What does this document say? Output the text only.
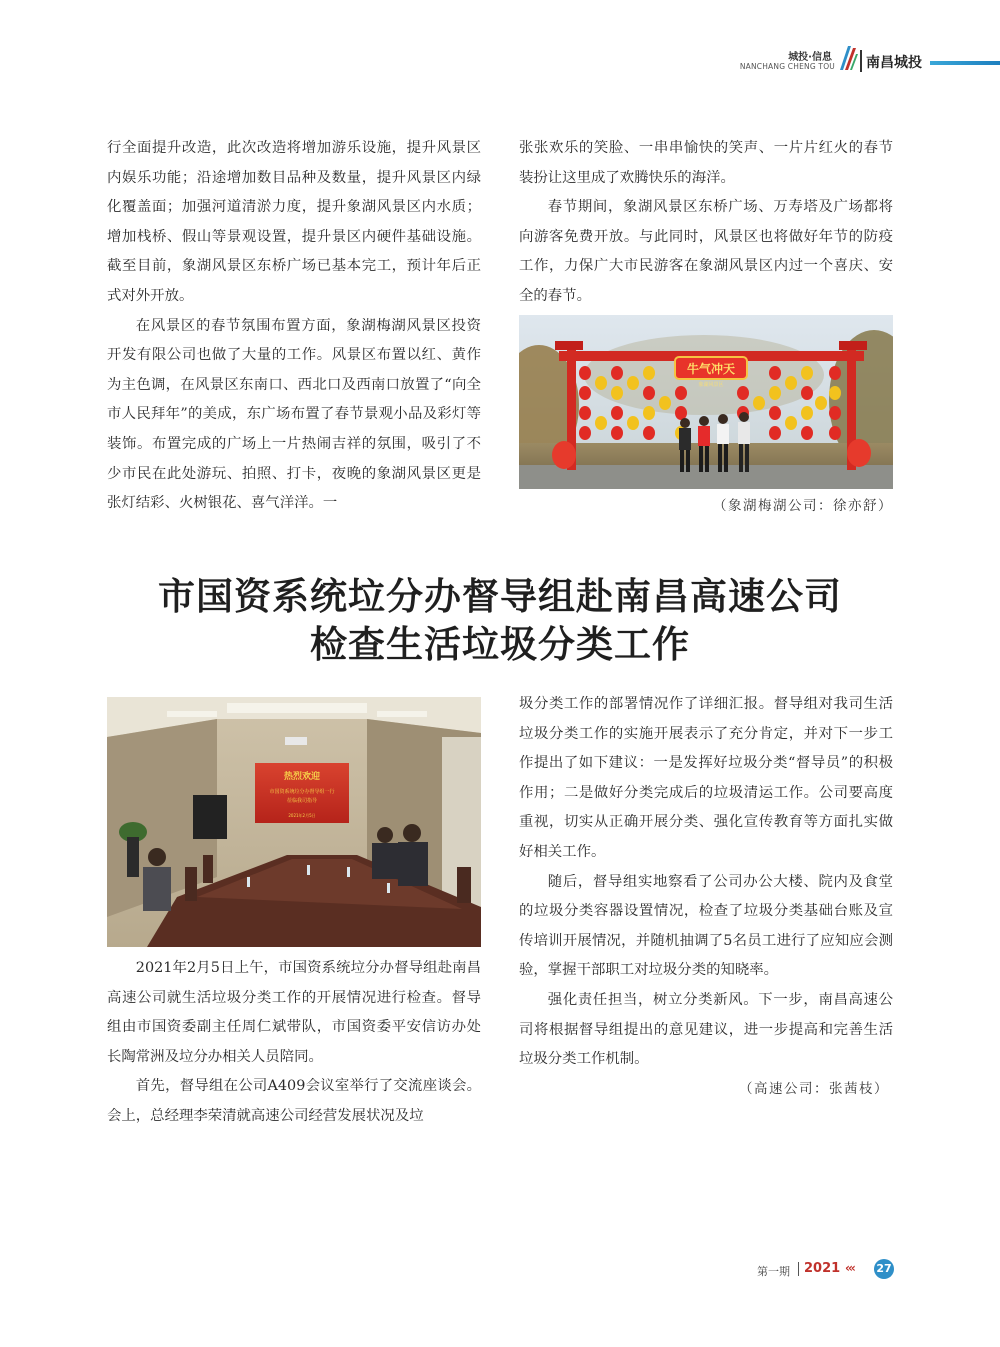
城投·信息
NANCHANG CHENG TOU 南昌城投

行全面提升改造，此次改造将增加游乐设施，提升风景区内娱乐功能；沿途增加数目品种及数量，提升风景区内绿化覆盖面；加强河道清淤力度，提升象湖风景区内水质；增加栈桥、假山等景观设置，提升景区内硬件基础设施。截至目前，象湖风景区东桥广场已基本完工，预计年后正式对外开放。

在风景区的春节氛围布置方面，象湖梅湖风景区投资开发有限公司也做了大量的工作。风景区布置以红、黄作为主色调，在风景区东南口、西北口及西南口放置了“向全市人民拜年”的美成，东广场布置了春节景观小品及彩灯等装饰。布置完成的广场上一片热闹吉祥的氛围，吸引了不少市民在此处游玩、拍照、打卡，夜晚的象湖风景区更是张灯结彩、火树银花、喜气洋洋。一

张张欢乐的笑脸、一串串愉快的笑声、一片片红火的春节装扮让这里成了欢腾快乐的海洋。

春节期间，象湖风景区东桥广场、万寿塔及广场都将向游客免费开放。与此同时，风景区也将做好年节的防疫工作，力保广大市民游客在象湖风景区内过一个喜庆、安全的春节。

牛气冲天
象湖风景区
（象湖梅湖公司：徐亦舒）
市国资系统垃分办督导组赴南昌高速公司
检查生活垃圾分类工作
热烈欢迎
市国资系统垃分办督导组一行
莅临我司指导
2021年2月5日

2021年2月5日上午，市国资系统垃分办督导组赴南昌高速公司就生活垃圾分类工作的开展情况进行检查。督导组由市国资委副主任周仁斌带队，市国资委平安信访办处长陶常洲及垃分办相关人员陪同。

首先，督导组在公司A409会议室举行了交流座谈会。会上，总经理李荣清就高速公司经营发展状况及垃

圾分类工作的部署情况作了详细汇报。督导组对我司生活垃圾分类工作的实施开展表示了充分肯定，并对下一步工作提出了如下建议：一是发挥好垃圾分类“督导员”的积极作用；二是做好分类完成后的垃圾清运工作。公司要高度重视，切实从正确开展分类、强化宣传教育等方面扎实做好相关工作。

随后，督导组实地察看了公司办公大楼、院内及食堂的垃圾分类容器设置情况，检查了垃圾分类基础台账及宣传培训开展情况，并随机抽调了5名员工进行了应知应会测验，掌握干部职工对垃圾分类的知晓率。

强化责任担当，树立分类新风。下一步，南昌高速公司将根据督导组提出的意见建议，进一步提高和完善生活垃圾分类工作机制。

（高速公司：张茜枝）
第一期 2021 ‹‹‹ 27
